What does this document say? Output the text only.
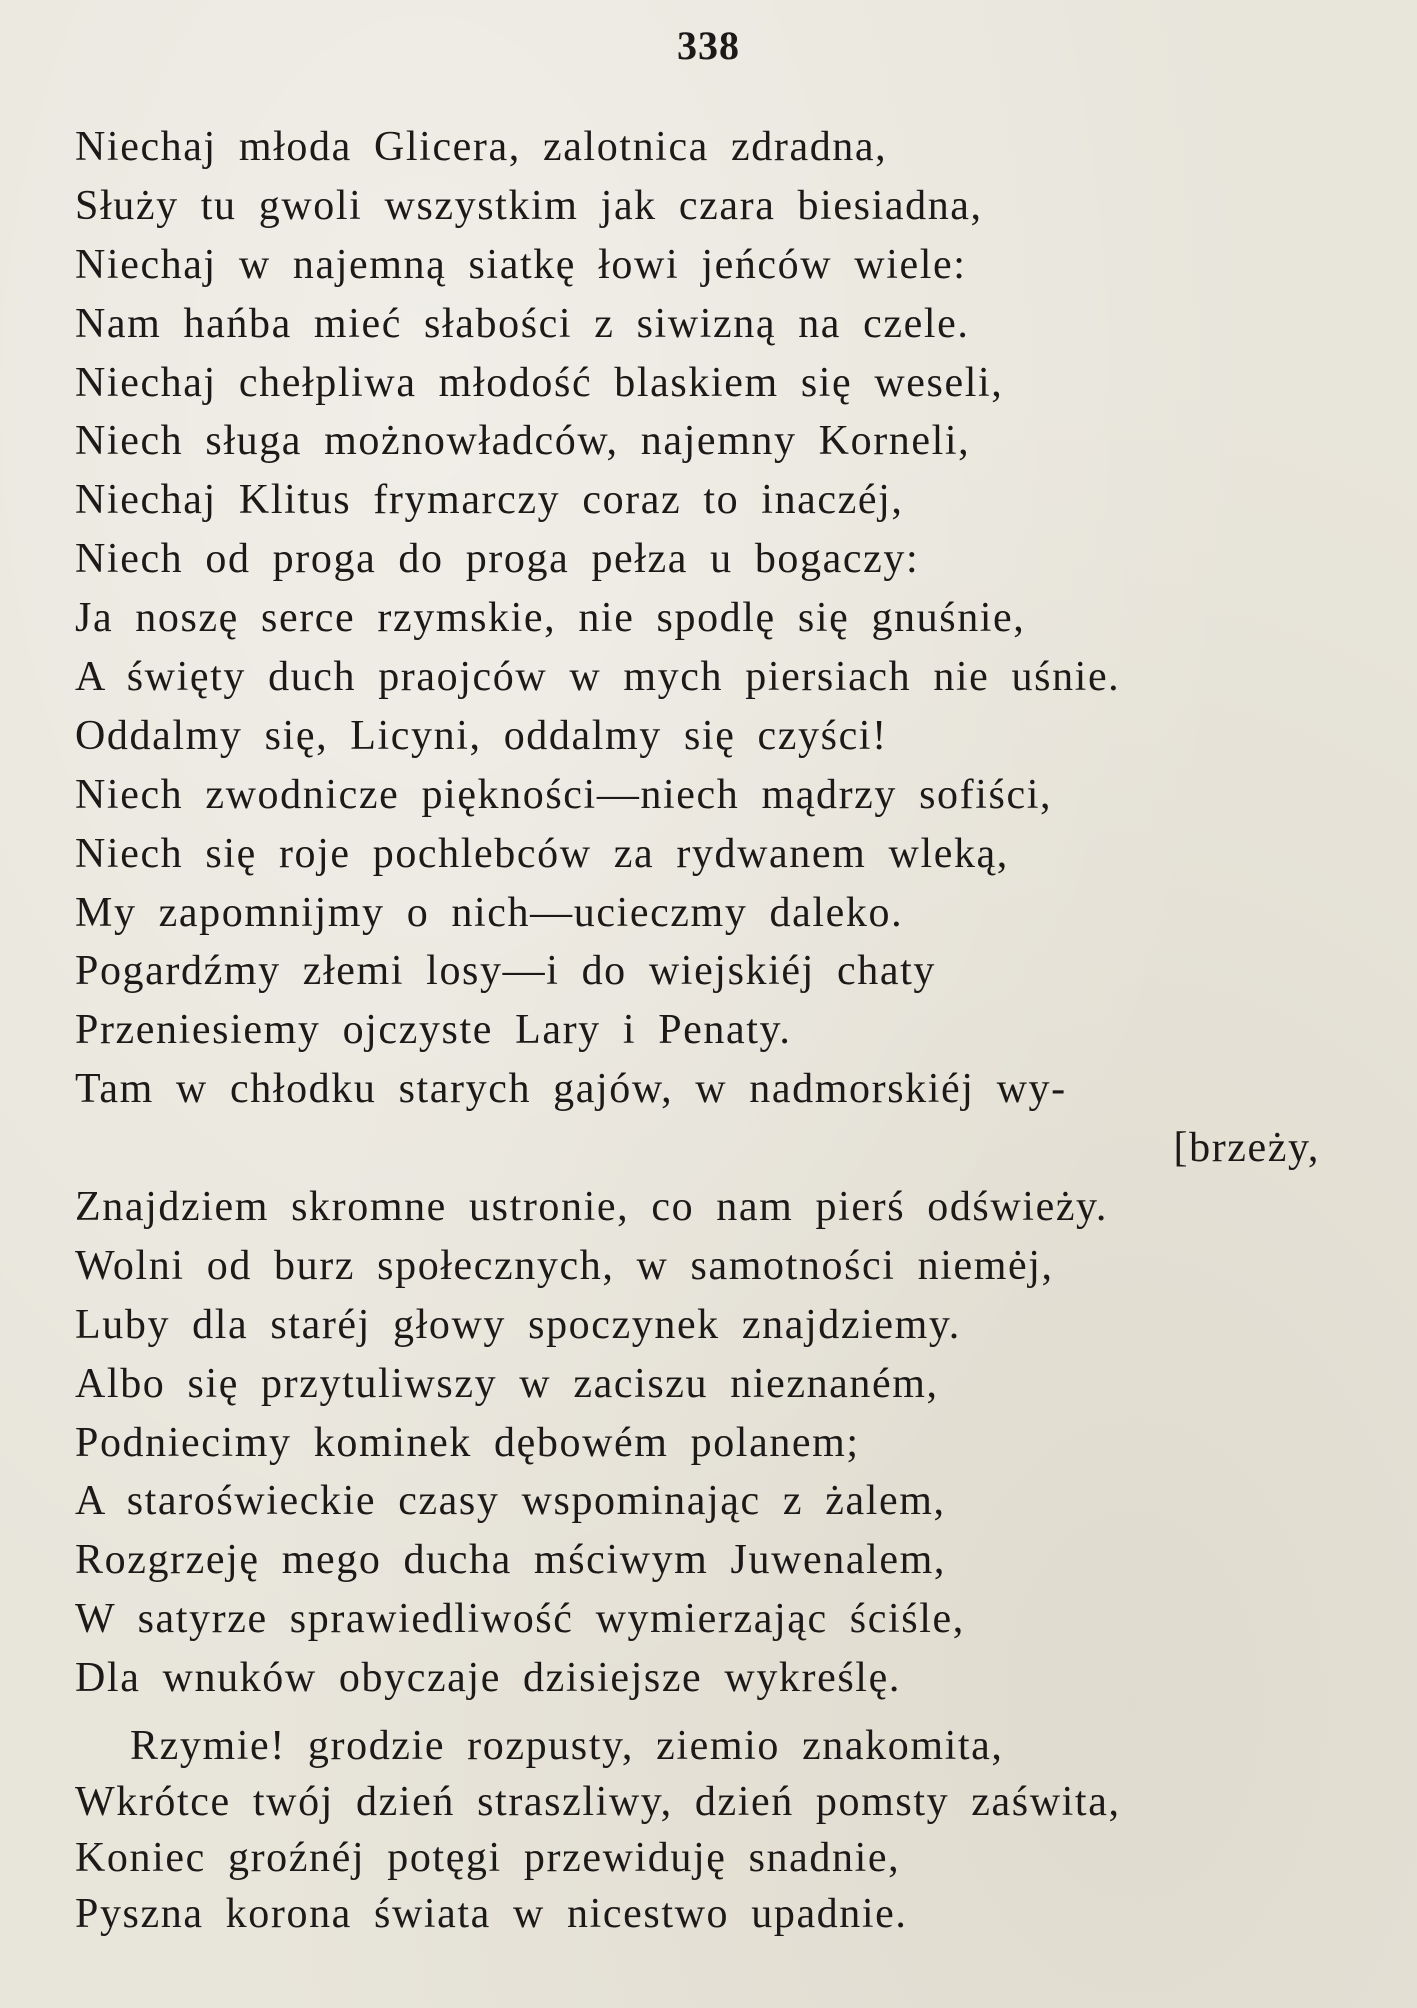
338
Niechaj młoda Glicera, zalotnica zdradna,
Służy tu gwoli wszystkim jak czara biesiadna,
Niechaj w najemną siatkę łowi jeńców wiele:
Nam hańba mieć słabości z siwizną na czele.
Niechaj chełpliwa młodość blaskiem się weseli,
Niech sługa możnowładców, najemny Korneli,
Niechaj Klitus frymarczy coraz to inaczéj,
Niech od proga do proga pełza u bogaczy:
Ja noszę serce rzymskie, nie spodlę się gnuśnie,
A święty duch praojców w mych piersiach nie uśnie.
Oddalmy się, Licyni, oddalmy się czyści!
Niech zwodnicze piękności—niech mądrzy sofiści,
Niech się roje pochlebców za rydwanem wleką,
My zapomnijmy o nich—ucieczmy daleko.
Pogardźmy złemi losy—i do wiejskiéj chaty
Przeniesiemy ojczyste Lary i Penaty.
Tam w chłodku starych gajów, w nadmorskiéj wy-
[brzeży,
Znajdziem skromne ustronie, co nam pierś odświeży.
Wolni od burz społecznych, w samotności niemėj,
Luby dla staréj głowy spoczynek znajdziemy.
Albo się przytuliwszy w zaciszu nieznaném,
Podniecimy kominek dębowém polanem;
A staroświeckie czasy wspominając z żalem,
Rozgrzeję mego ducha mściwym Juwenalem,
W satyrze sprawiedliwość wymierzając ściśle,
Dla wnuków obyczaje dzisiejsze wykreślę.
Rzymie! grodzie rozpusty, ziemio znakomita,
Wkrótce twój dzień straszliwy, dzień pomsty zaświta,
Koniec groźnéj potęgi przewiduję snadnie,
Pyszna korona świata w nicestwo upadnie.
